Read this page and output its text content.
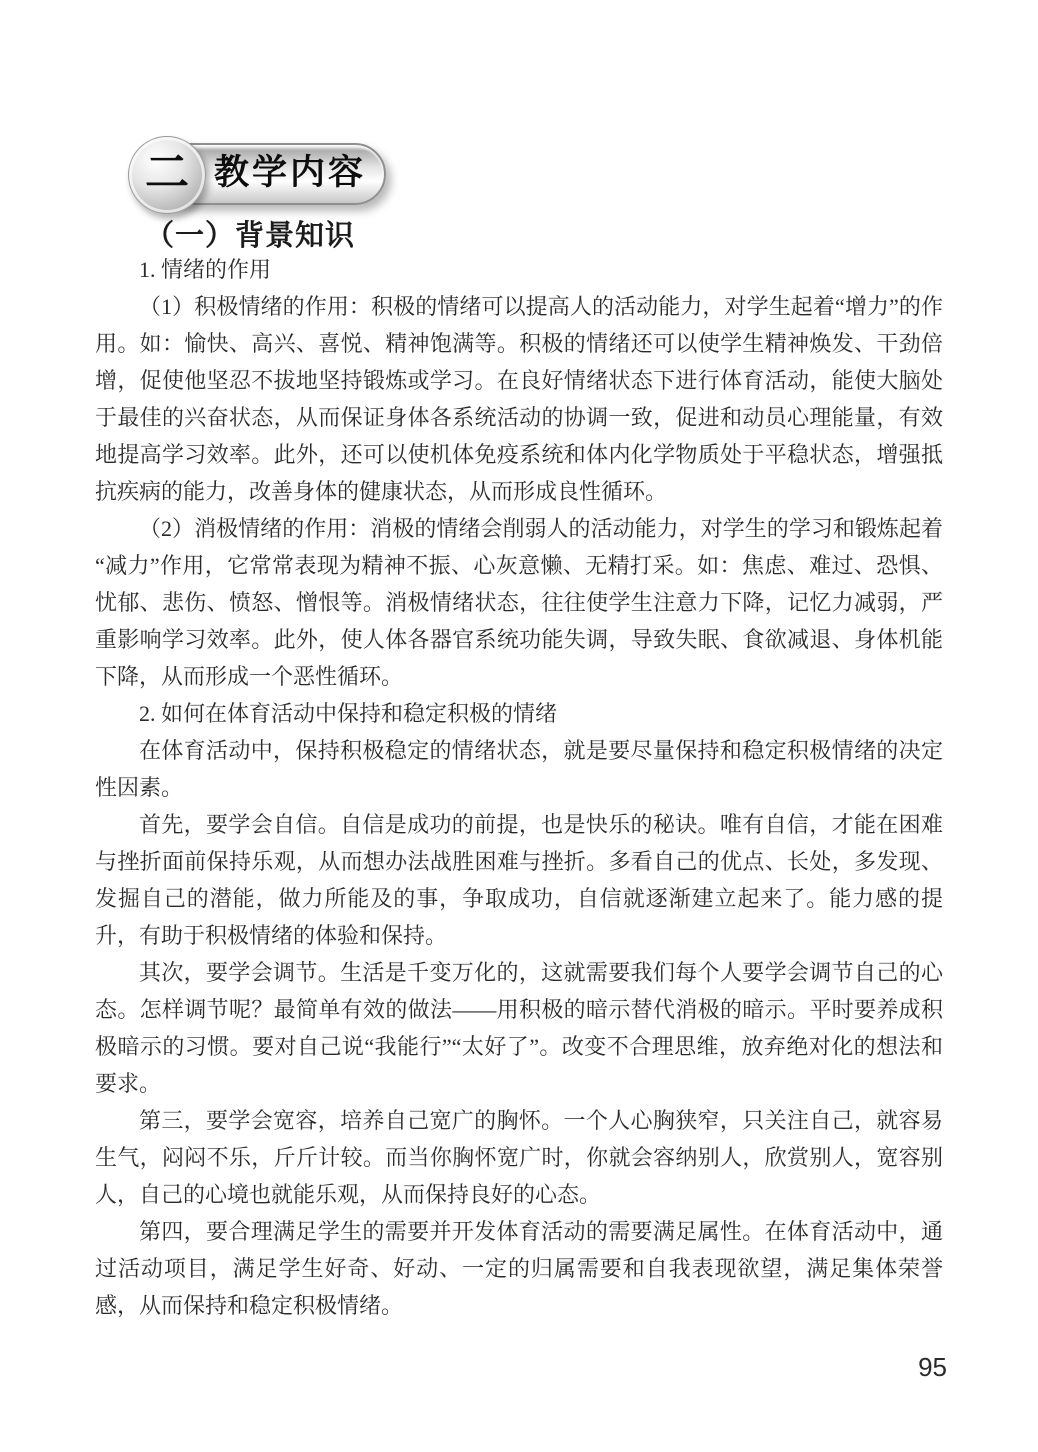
教学内容
二
（一）背景知识

1. 情绪的作用

（1）积极情绪的作用：积极的情绪可以提高人的活动能力，对学生起着“增力”的作用。如：愉快、高兴、喜悦、精神饱满等。积极的情绪还可以使学生精神焕发、干劲倍增，促使他坚忍不拔地坚持锻炼或学习。在良好情绪状态下进行体育活动，能使大脑处于最佳的兴奋状态，从而保证身体各系统活动的协调一致，促进和动员心理能量，有效地提高学习效率。此外，还可以使机体免疫系统和体内化学物质处于平稳状态，增强抵抗疾病的能力，改善身体的健康状态，从而形成良性循环。

（2）消极情绪的作用：消极的情绪会削弱人的活动能力，对学生的学习和锻炼起着“减力”作用，它常常表现为精神不振、心灰意懒、无精打采。如：焦虑、难过、恐惧、忧郁、悲伤、愤怒、憎恨等。消极情绪状态，往往使学生注意力下降，记忆力减弱，严重影响学习效率。此外，使人体各器官系统功能失调，导致失眠、食欲减退、身体机能下降，从而形成一个恶性循环。

2. 如何在体育活动中保持和稳定积极的情绪

在体育活动中，保持积极稳定的情绪状态，就是要尽量保持和稳定积极情绪的决定性因素。

首先，要学会自信。自信是成功的前提，也是快乐的秘诀。唯有自信，才能在困难与挫折面前保持乐观，从而想办法战胜困难与挫折。多看自己的优点、长处，多发现、发掘自己的潜能，做力所能及的事，争取成功，自信就逐渐建立起来了。能力感的提升，有助于积极情绪的体验和保持。

其次，要学会调节。生活是千变万化的，这就需要我们每个人要学会调节自己的心态。怎样调节呢？最简单有效的做法——用积极的暗示替代消极的暗示。平时要养成积极暗示的习惯。要对自己说“我能行”“太好了”。改变不合理思维，放弃绝对化的想法和要求。

第三，要学会宽容，培养自己宽广的胸怀。一个人心胸狭窄，只关注自己，就容易生气，闷闷不乐，斤斤计较。而当你胸怀宽广时，你就会容纳别人，欣赏别人，宽容别人，自己的心境也就能乐观，从而保持良好的心态。

第四，要合理满足学生的需要并开发体育活动的需要满足属性。在体育活动中，通过活动项目，满足学生好奇、好动、一定的归属需要和自我表现欲望，满足集体荣誉感，从而保持和稳定积极情绪。

95
